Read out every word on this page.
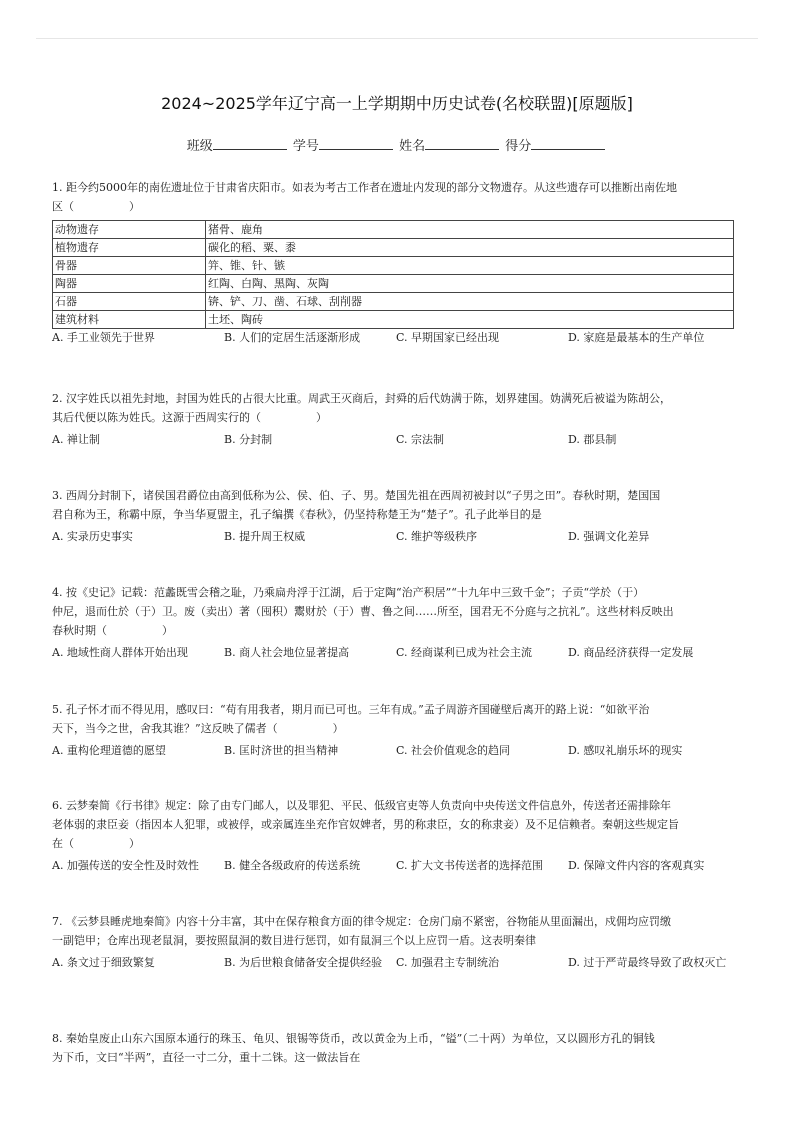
2024~2025学年辽宁高一上学期期中历史试卷(名校联盟)[原题版]
班级	学号	姓名	得分

1. 距今约5000年的南佐遗址位于甘肃省庆阳市。如表为考古工作者在遗址内发现的部分文物遗存。从这些遗存可以推断出南佐地
区（　　　　　）

动物遗存	猪骨、鹿角
植物遗存	碳化的稻、粟、黍
骨器	笄、锥、针、镞
陶器	红陶、白陶、黑陶、灰陶
石器	锛、铲、刀、凿、石球、刮削器
建筑材料	土坯、陶砖
A. 手工业领先于世界	B. 人们的定居生活逐渐形成	C. 早期国家已经出现	D. 家庭是最基本的生产单位

2. 汉字姓氏以祖先封地，封国为姓氏的占很大比重。周武王灭商后，封舜的后代妫满于陈，划界建国。妫满死后被谥为陈胡公，
其后代便以陈为姓氏。这源于西周实行的（　　　　　）

A. 禅让制	B. 分封制	C. 宗法制	D. 郡县制

3. 西周分封制下，诸侯国君爵位由高到低称为公、侯、伯、子、男。楚国先祖在西周初被封以“子男之田”。春秋时期，楚国国
君自称为王，称霸中原，争当华夏盟主，孔子编撰《春秋》，仍坚持称楚王为“楚子”。孔子此举目的是

A. 实录历史事实	B. 提升周王权威	C. 维护等级秩序	D. 强调文化差异

4. 按《史记》记载：范蠡既雪会稽之耻，乃乘扁舟浮于江湖，后于定陶“治产积居”“十九年中三致千金”；子贡“学於（于）
仲尼，退而仕於（于）卫。废（卖出）著（囤积）鬻财於（于）曹、鲁之间……所至，国君无不分庭与之抗礼”。这些材料反映出
春秋时期（　　　　　）

A. 地域性商人群体开始出现	B. 商人社会地位显著提高	C. 经商谋利已成为社会主流	D. 商品经济获得一定发展

5. 孔子怀才而不得见用，感叹曰：“苟有用我者，期月而已可也。三年有成。”孟子周游齐国碰壁后离开的路上说：“如欲平治
天下，当今之世，舍我其谁？”这反映了儒者（　　　　　）

A. 重构伦理道德的愿望	B. 匡时济世的担当精神	C. 社会价值观念的趋同	D. 感叹礼崩乐坏的现实

6. 云梦秦简《行书律》规定：除了由专门邮人，以及罪犯、平民、低级官吏等人负责向中央传送文件信息外，传送者还需排除年
老体弱的隶臣妾（指因本人犯罪，或被俘，或亲属连坐充作官奴婢者，男的称隶臣，女的称隶妾）及不足信赖者。秦朝这些规定旨
在（　　　　　）

A. 加强传送的安全性及时效性	B. 健全各级政府的传送系统	C. 扩大文书传送者的选择范围	D. 保障文件内容的客观真实

7. 《云梦县睡虎地秦简》内容十分丰富，其中在保存粮食方面的律令规定：仓房门扇不紧密，谷物能从里面漏出，戍佣均应罚缴
一副铠甲；仓库出现老鼠洞，要按照鼠洞的数目进行惩罚，如有鼠洞三个以上应罚一盾。这表明秦律

A. 条文过于细致繁复	B. 为后世粮食储备安全提供经验	C. 加强君主专制统治	D. 过于严苛最终导致了政权灭亡

8. 秦始皇废止山东六国原本通行的珠玉、龟贝、银锡等货币，改以黄金为上币，“镒”（二十两）为单位，又以圆形方孔的铜钱
为下币，文曰“半两”，直径一寸二分，重十二铢。这一做法旨在
